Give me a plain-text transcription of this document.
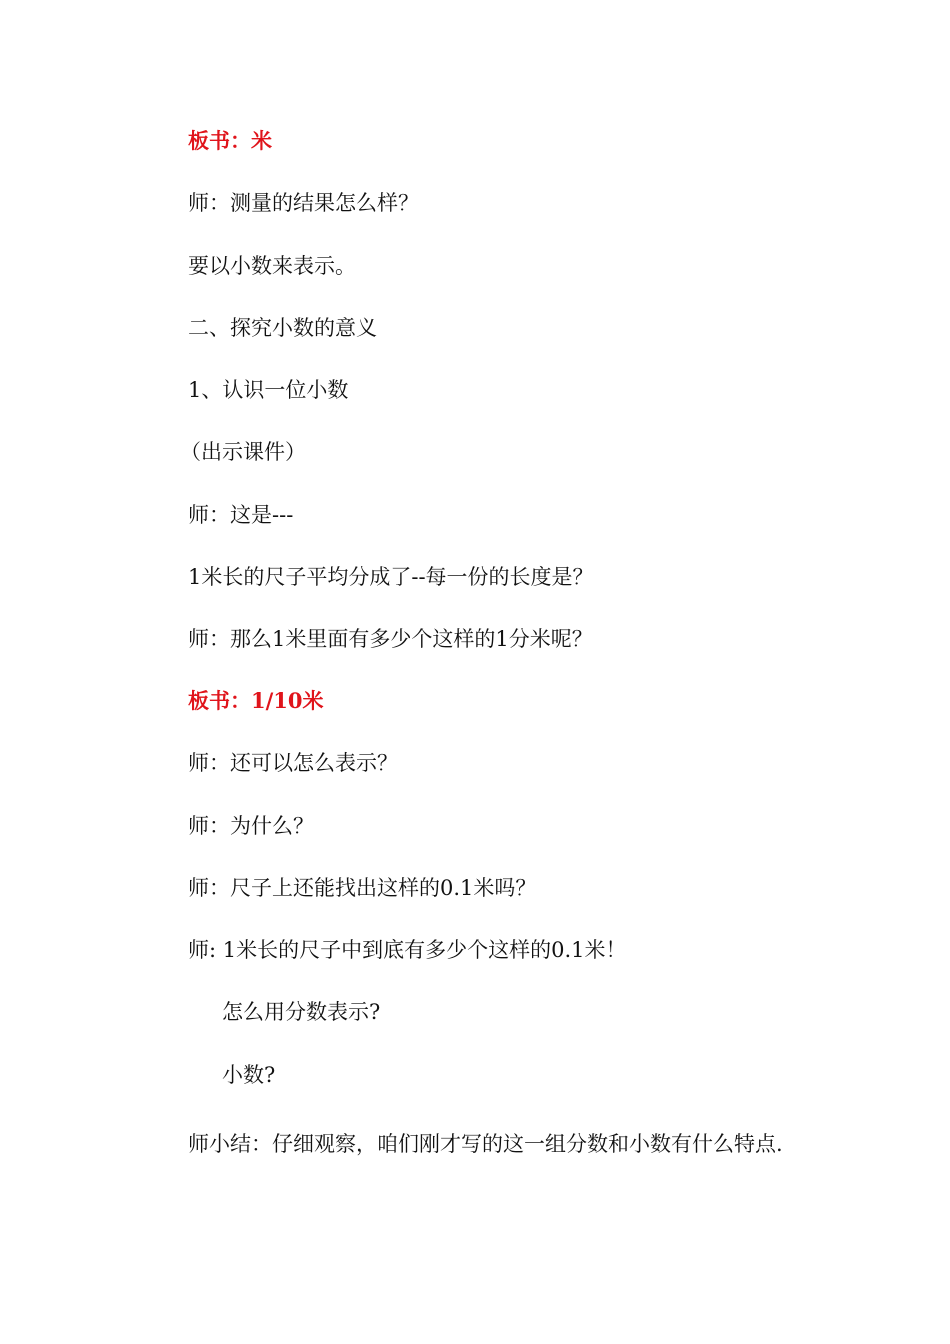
板书：米
师：测量的结果怎么样？
要以小数来表示。
二、探究小数的意义
1、认识一位小数
（出示课件）
师：这是---
1米长的尺子平均分成了--每一份的长度是？
师：那么1米里面有多少个这样的1分米呢？
板书：1/10米
师：还可以怎么表示？
师：为什么？
师：尺子上还能找出这样的0.1米吗？
师: 1米长的尺子中到底有多少个这样的0.1米！
怎么用分数表示?
小数?
师小结：仔细观察，咱们刚才写的这一组分数和小数有什么特点.
